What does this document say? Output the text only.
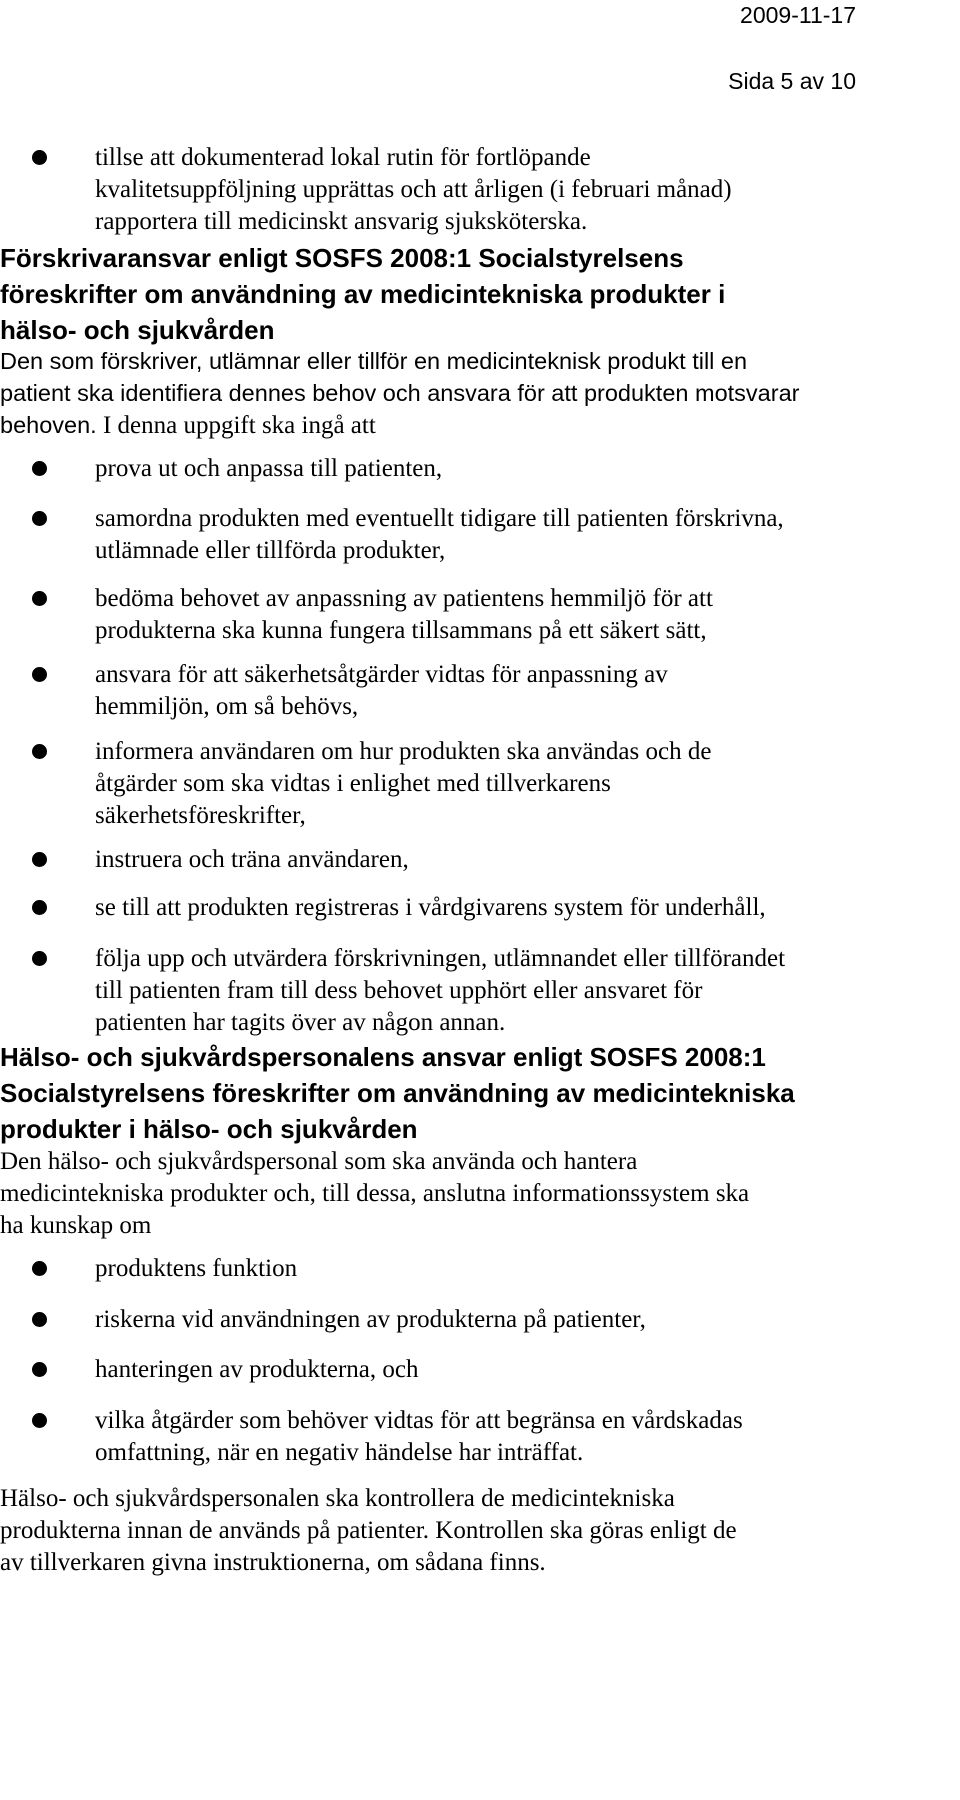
2009-11-17
Sida 5 av 10
tillse att dokumenterad lokal rutin för fortlöpande
kvalitetsuppföljning upprättas och att årligen (i februari månad)
rapportera till medicinskt ansvarig sjuksköterska.
Förskrivaransvar enligt SOSFS 2008:1 Socialstyrelsens
föreskrifter om användning av medicintekniska produkter i
hälso- och sjukvården
Den som förskriver, utlämnar eller tillför en medicinteknisk produkt till en
patient ska identifiera dennes behov och ansvara för att produkten motsvarar
behoven. I denna uppgift ska ingå att
prova ut och anpassa till patienten,
samordna produkten med eventuellt tidigare till patienten förskrivna,
utlämnade eller tillförda produkter,
bedöma behovet av anpassning av patientens hemmiljö för att
produkterna ska kunna fungera tillsammans på ett säkert sätt,
ansvara för att säkerhetsåtgärder vidtas för anpassning av
hemmiljön, om så behövs,
informera användaren om hur produkten ska användas och de
åtgärder som ska vidtas i enlighet med tillverkarens
säkerhetsföreskrifter,
instruera och träna användaren,
se till att produkten registreras i vårdgivarens system för underhåll,
följa upp och utvärdera förskrivningen, utlämnandet eller tillförandet
till patienten fram till dess behovet upphört eller ansvaret för
patienten har tagits över av någon annan.
Hälso- och sjukvårdspersonalens ansvar enligt SOSFS 2008:1
Socialstyrelsens föreskrifter om användning av medicintekniska
produkter i hälso- och sjukvården
Den hälso- och sjukvårdspersonal som ska använda och hantera
medicintekniska produkter och, till dessa, anslutna informationssystem ska
ha kunskap om
produktens funktion
riskerna vid användningen av produkterna på patienter,
hanteringen av produkterna, och
vilka åtgärder som behöver vidtas för att begränsa en vårdskadas
omfattning, när en negativ händelse har inträffat.
Hälso- och sjukvårdspersonalen ska kontrollera de medicintekniska
produkterna innan de används på patienter. Kontrollen ska göras enligt de
av tillverkaren givna instruktionerna, om sådana finns.
